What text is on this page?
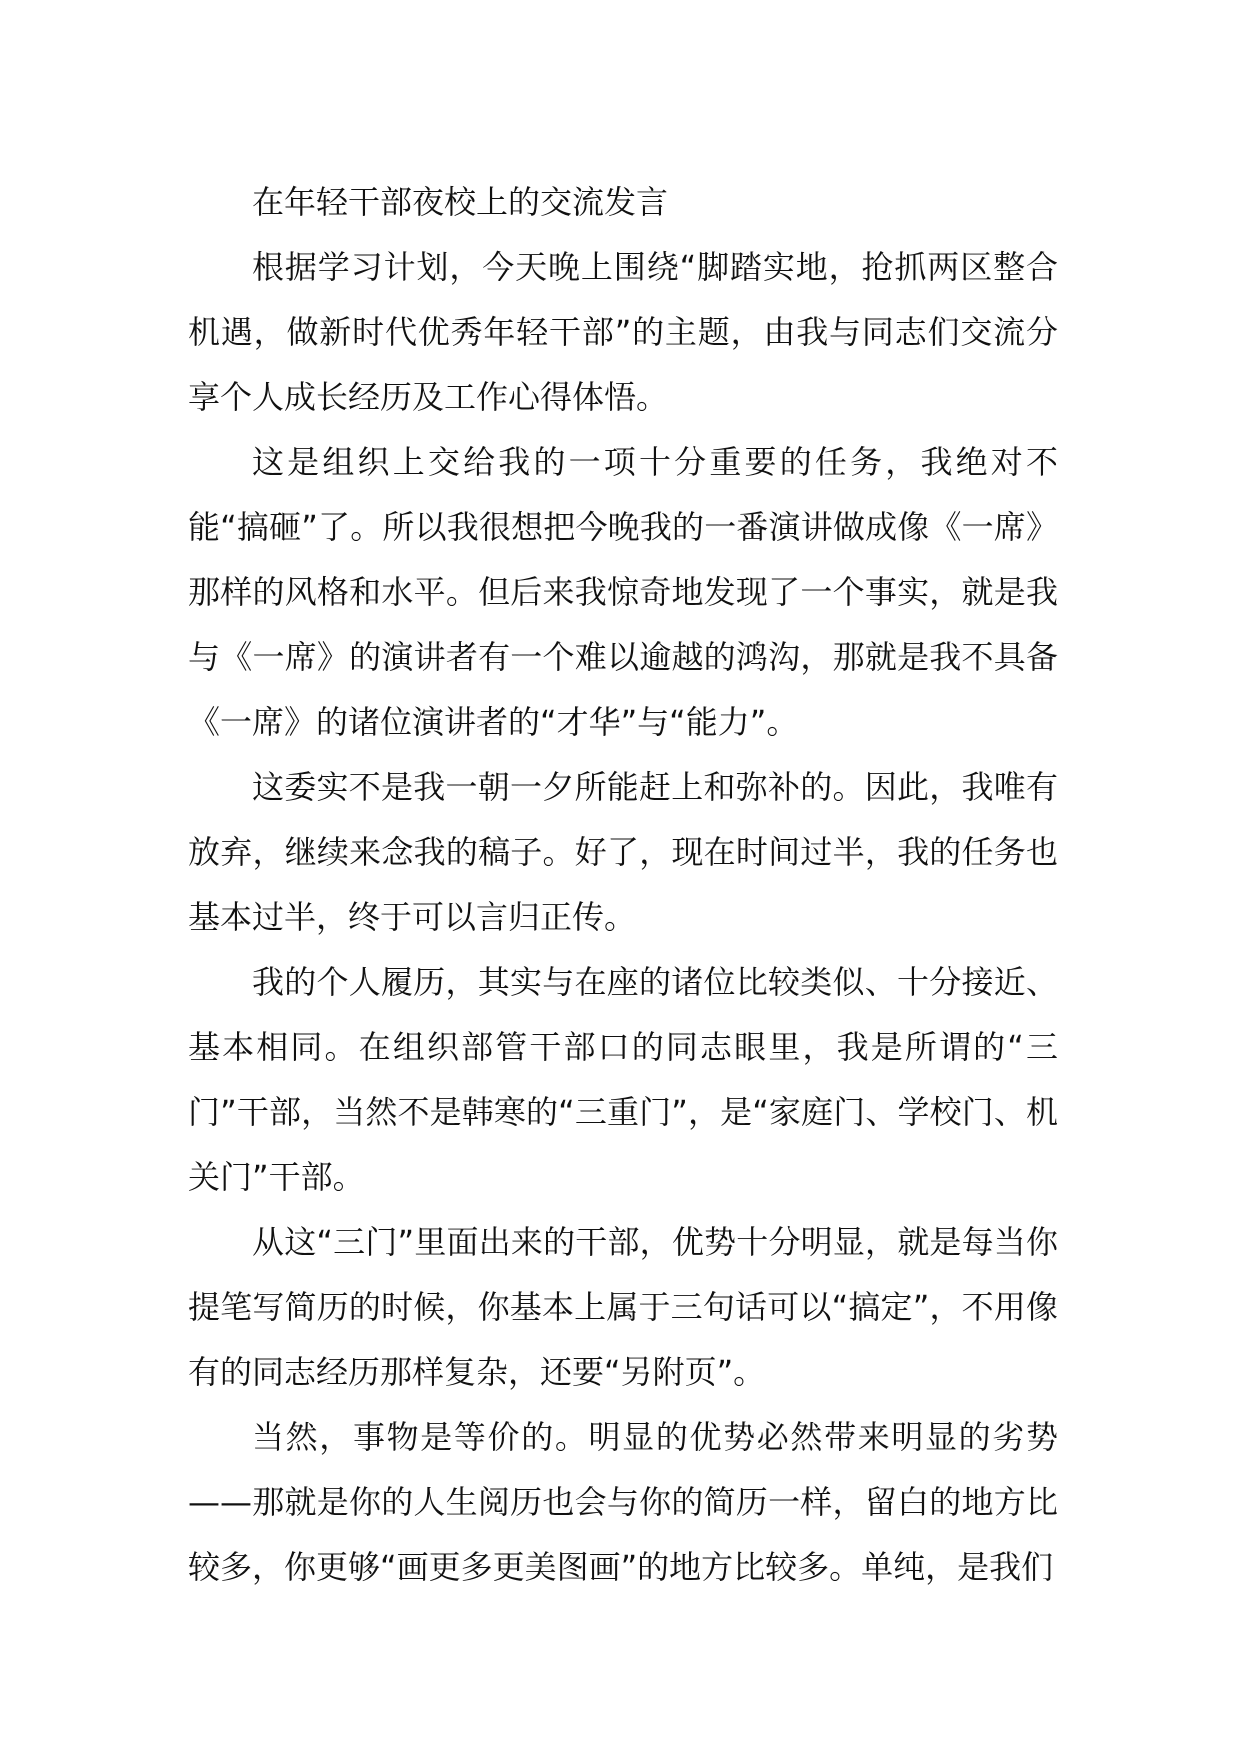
在年轻干部夜校上的交流发言

根据学习计划，今天晚上围绕“脚踏实地，抢抓两区整合机遇，做新时代优秀年轻干部”的主题，由我与同志们交流分享个人成长经历及工作心得体悟。

这是组织上交给我的一项十分重要的任务，我绝对不能“搞砸”了。所以我很想把今晚我的一番演讲做成像《一席》那样的风格和水平。但后来我惊奇地发现了一个事实，就是我与《一席》的演讲者有一个难以逾越的鸿沟，那就是我不具备《一席》的诸位演讲者的“才华”与“能力”。

这委实不是我一朝一夕所能赶上和弥补的。因此，我唯有放弃，继续来念我的稿子。好了，现在时间过半，我的任务也基本过半，终于可以言归正传。

我的个人履历，其实与在座的诸位比较类似、十分接近、基本相同。在组织部管干部口的同志眼里，我是所谓的“三门”干部，当然不是韩寒的“三重门”，是“家庭门、学校门、机关门”干部。

从这“三门”里面出来的干部，优势十分明显，就是每当你提笔写简历的时候，你基本上属于三句话可以“搞定”，不用像有的同志经历那样复杂，还要“另附页”。

当然，事物是等价的。明显的优势必然带来明显的劣势——那就是你的人生阅历也会与你的简历一样，留白的地方比较多，你更够“画更多更美图画”的地方比较多。单纯，是我们
